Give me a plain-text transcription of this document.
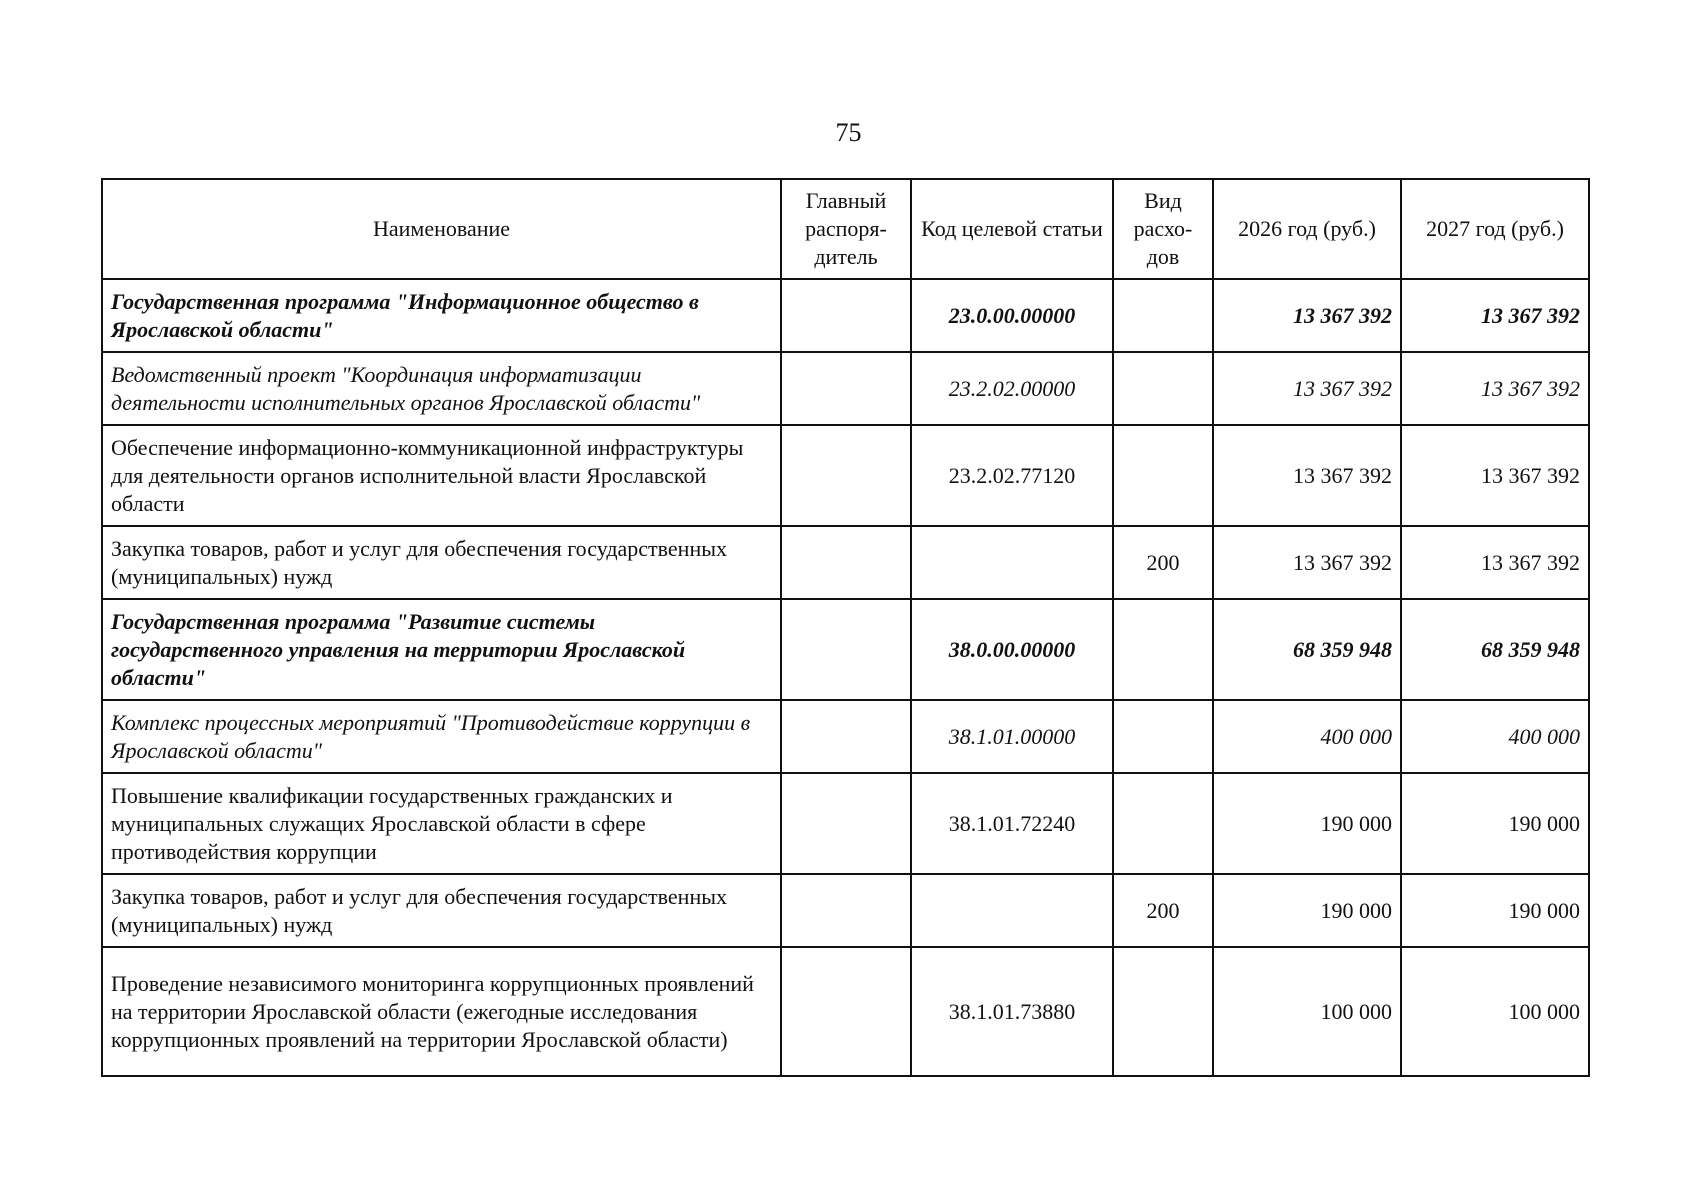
75
Наименование	Главный распоря-дитель	Код целевой статьи	Вид расхо-дов	2026 год (руб.)	2027 год (руб.)
Государственная программа "Информационное общество в Ярославской области"		23.0.00.00000		13 367 392	13 367 392
Ведомственный проект "Координация информатизации деятельности исполнительных органов Ярославской области"		23.2.02.00000		13 367 392	13 367 392
Обеспечение информационно-коммуникационной инфраструктуры для деятельности органов исполнительной власти Ярославской области		23.2.02.77120		13 367 392	13 367 392
Закупка товаров, работ и услуг для обеспечения государственных (муниципальных) нужд			200	13 367 392	13 367 392
Государственная программа "Развитие системы государственного управления на территории Ярославской области"		38.0.00.00000		68 359 948	68 359 948
Комплекс процессных мероприятий "Противодействие коррупции в Ярославской области"		38.1.01.00000		400 000	400 000
Повышение квалификации государственных гражданских и муниципальных служащих Ярославской области в сфере противодействия коррупции		38.1.01.72240		190 000	190 000
Закупка товаров, работ и услуг для обеспечения государственных (муниципальных) нужд			200	190 000	190 000
Проведение независимого мониторинга коррупционных проявлений на территории Ярославской области (ежегодные исследования коррупционных проявлений на территории Ярославской области)		38.1.01.73880		100 000	100 000
